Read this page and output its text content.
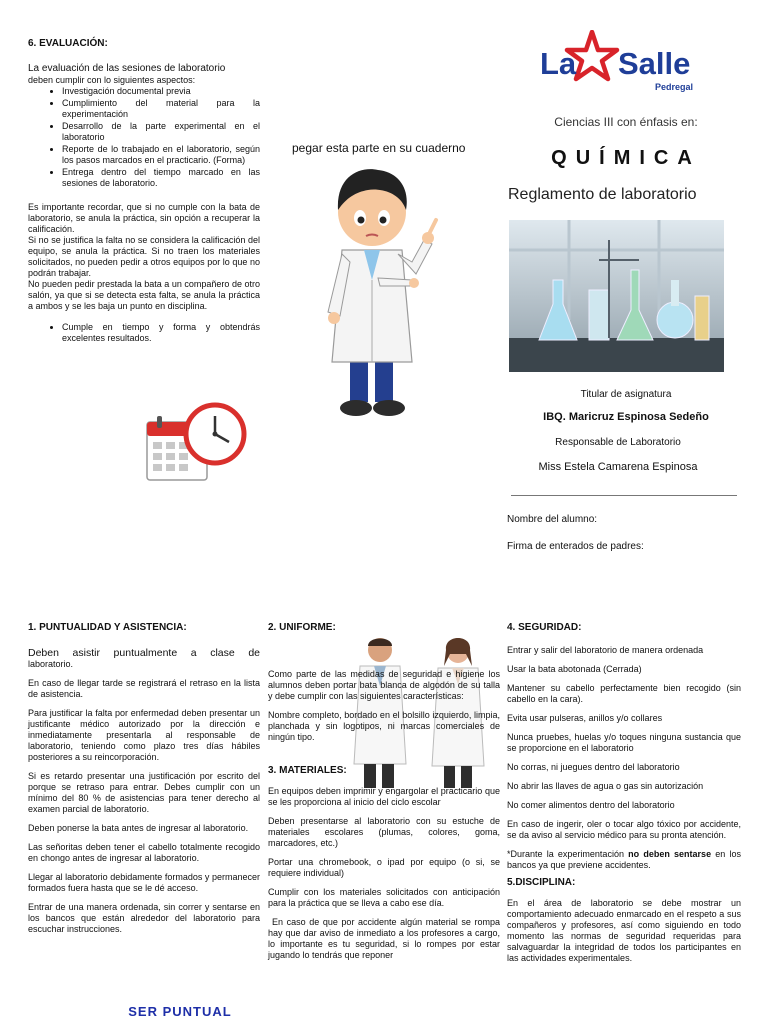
6. EVALUACIÓN:
La evaluación de las sesiones de laboratorio
deben cumplir con lo siguientes aspectos:
• Investigación documental previa
• Cumplimiento del material para la experimentación
• Desarrollo de la parte experimental en el laboratorio
• Reporte de lo trabajado en el laboratorio, según los pasos marcados en el practicario. (Forma)
• Entrega dentro del tiempo marcado en las sesiones de laboratorio.

Es importante recordar, que si no cumple con la bata de laboratorio, se anula la práctica, sin opción a recuperar la calificación.

Si no se justifica la falta no se considera la calificación del equipo, se anula la práctica. Si no traen los materiales solicitados, no pueden pedir a otros equipos por lo que no podrán trabajar.

No pueden pedir prestada la bata a un compañero de otro salón, ya que si se detecta esta falta, se anula la práctica a ambos y se les baja un punto en disciplina.

• Cumple en tiempo y forma y obtendrás excelentes resultados.
pegar esta parte en su cuaderno
La Salle
Pedregal
Ciencias III con énfasis en:
QUÍMICA
Reglamento de laboratorio
Titular de asignatura
IBQ. Maricruz Espinosa Sedeño
Responsable de Laboratorio
Miss Estela Camarena Espinosa
Nombre del alumno:
Firma de enterados de padres:
1. PUNTUALIDAD Y ASISTENCIA:
Deben asistir puntualmente a clase de
laboratorio.

En caso de llegar tarde se registrará el retraso en la lista de asistencia.

Para justificar la falta por enfermedad deben presentar un justificante médico autorizado por la dirección e inmediatamente presentarla al responsable de laboratorio, teniendo como plazo tres días hábiles posteriores a su reincorporación.

Si es retardo presentar una justificación por escrito del porque se retraso para entrar. Debes cumplir con un mínimo del 80 % de asistencias para tener derecho al examen parcial de laboratorio.

Deben ponerse la bata antes de ingresar al laboratorio.

Las señoritas deben tener el cabello totalmente recogido en chongo antes de ingresar al laboratorio.

Llegar al laboratorio debidamente formados y permanecer formados fuera hasta que se le dé acceso.

Entrar de una manera ordenada, sin correr y sentarse en los bancos que están alrededor del laboratorio para escuchar instrucciones.

SER PUNTUAL
2. UNIFORME:

Como parte de las medidas de seguridad e higiene los alumnos deben portar bata blanca de algodón de su talla y debe cumplir con las siguientes características:

Nombre completo, bordado en el bolsillo izquierdo, limpia, planchada y sin logotipos, ni marcas comerciales de ningún tipo.

3. MATERIALES:

En equipos deben imprimir y engargolar el practicario que se les proporciona al inicio del ciclo escolar

Deben presentarse al laboratorio con su estuche de materiales escolares (plumas, colores, goma, marcadores, etc.)

Portar una chromebook, o ipad por equipo (o si, se requiere individual)

Cumplir con los materiales solicitados con anticipación para la práctica que se lleva a cabo ese día.

En caso de que por accidente algún material se rompa hay que dar aviso de inmediato a los profesores a cargo, lo importante es tu seguridad, si lo rompes por estar jugando lo tendrás que reponer

4. SEGURIDAD:

Entrar y salir del laboratorio de manera ordenada

Usar la bata abotonada (Cerrada)

Mantener su cabello perfectamente bien recogido (sin cabello en la cara).

Evita usar pulseras, anillos y/o collares

Nunca pruebes, huelas y/o toques ninguna sustancia que se proporcione en el laboratorio

No corras, ni juegues dentro del laboratorio

No abrir las llaves de agua o gas sin autorización

No comer alimentos dentro del laboratorio

En caso de ingerir, oler o tocar algo tóxico por accidente, se da aviso al servicio médico para su pronta atención.

*Durante la experimentación no deben sentarse en los bancos ya que previene accidentes.

5.DISCIPLINA:

En el área de laboratorio se debe mostrar un comportamiento adecuado enmarcado en el respeto a sus compañeros y profesores, así como siguiendo en todo momento las normas de seguridad requeridas para salvaguardar la integridad de todos los participantes en las actividades experimentales.
